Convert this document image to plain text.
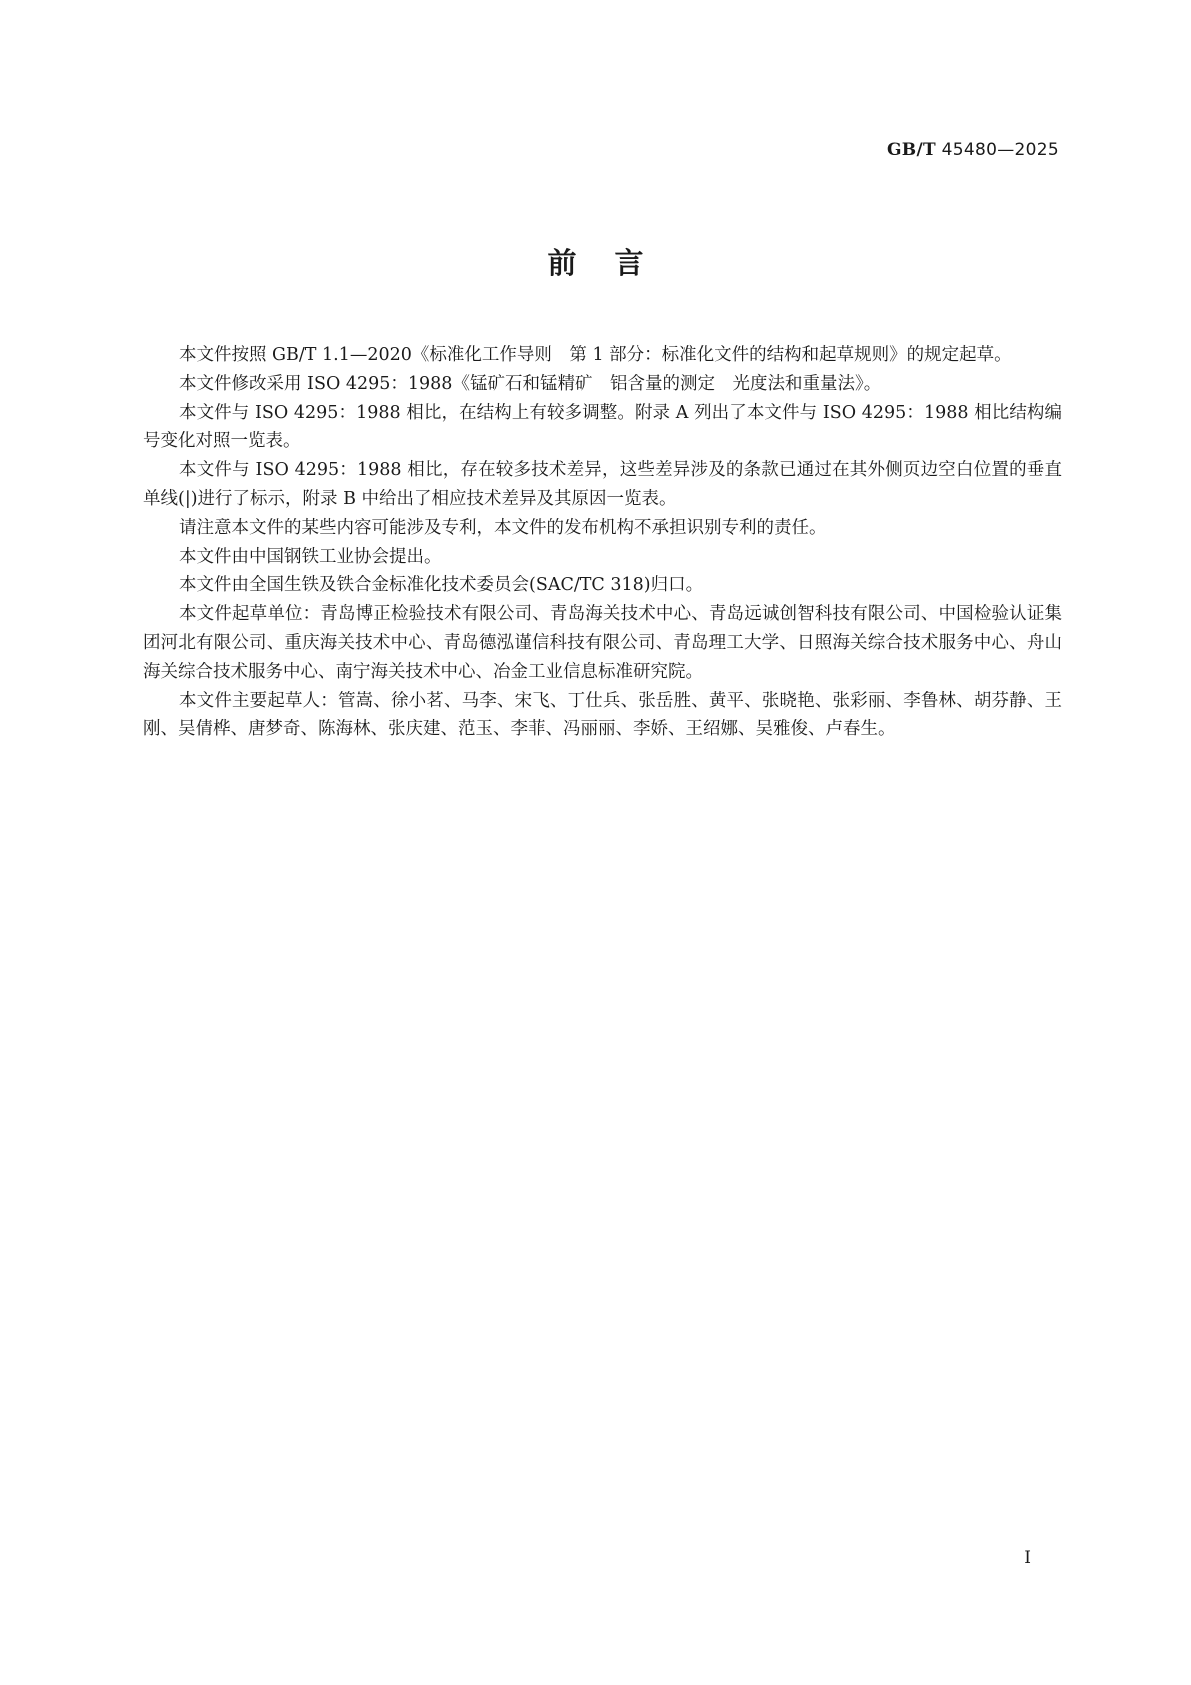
GB/T 45480—2025
前言

本文件按照 GB/T 1.1—2020《标准化工作导则　第 1 部分：标准化文件的结构和起草规则》的规定起草。

本文件修改采用 ISO 4295：1988《锰矿石和锰精矿　铝含量的测定　光度法和重量法》。

本文件与 ISO 4295：1988 相比，在结构上有较多调整。附录 A 列出了本文件与 ISO 4295：1988 相比结构编号变化对照一览表。

本文件与 ISO 4295：1988 相比，存在较多技术差异，这些差异涉及的条款已通过在其外侧页边空白位置的垂直单线(|)进行了标示，附录 B 中给出了相应技术差异及其原因一览表。

请注意本文件的某些内容可能涉及专利，本文件的发布机构不承担识别专利的责任。

本文件由中国钢铁工业协会提出。

本文件由全国生铁及铁合金标准化技术委员会(SAC/TC 318)归口。

本文件起草单位：青岛博正检验技术有限公司、青岛海关技术中心、青岛远诚创智科技有限公司、中国检验认证集团河北有限公司、重庆海关技术中心、青岛德泓谨信科技有限公司、青岛理工大学、日照海关综合技术服务中心、舟山海关综合技术服务中心、南宁海关技术中心、冶金工业信息标准研究院。

本文件主要起草人：管嵩、徐小茗、马李、宋飞、丁仕兵、张岳胜、黄平、张晓艳、张彩丽、李鲁林、胡芬静、王刚、吴倩桦、唐梦奇、陈海林、张庆建、范玉、李菲、冯丽丽、李娇、王绍娜、吴雅俊、卢春生。

I
